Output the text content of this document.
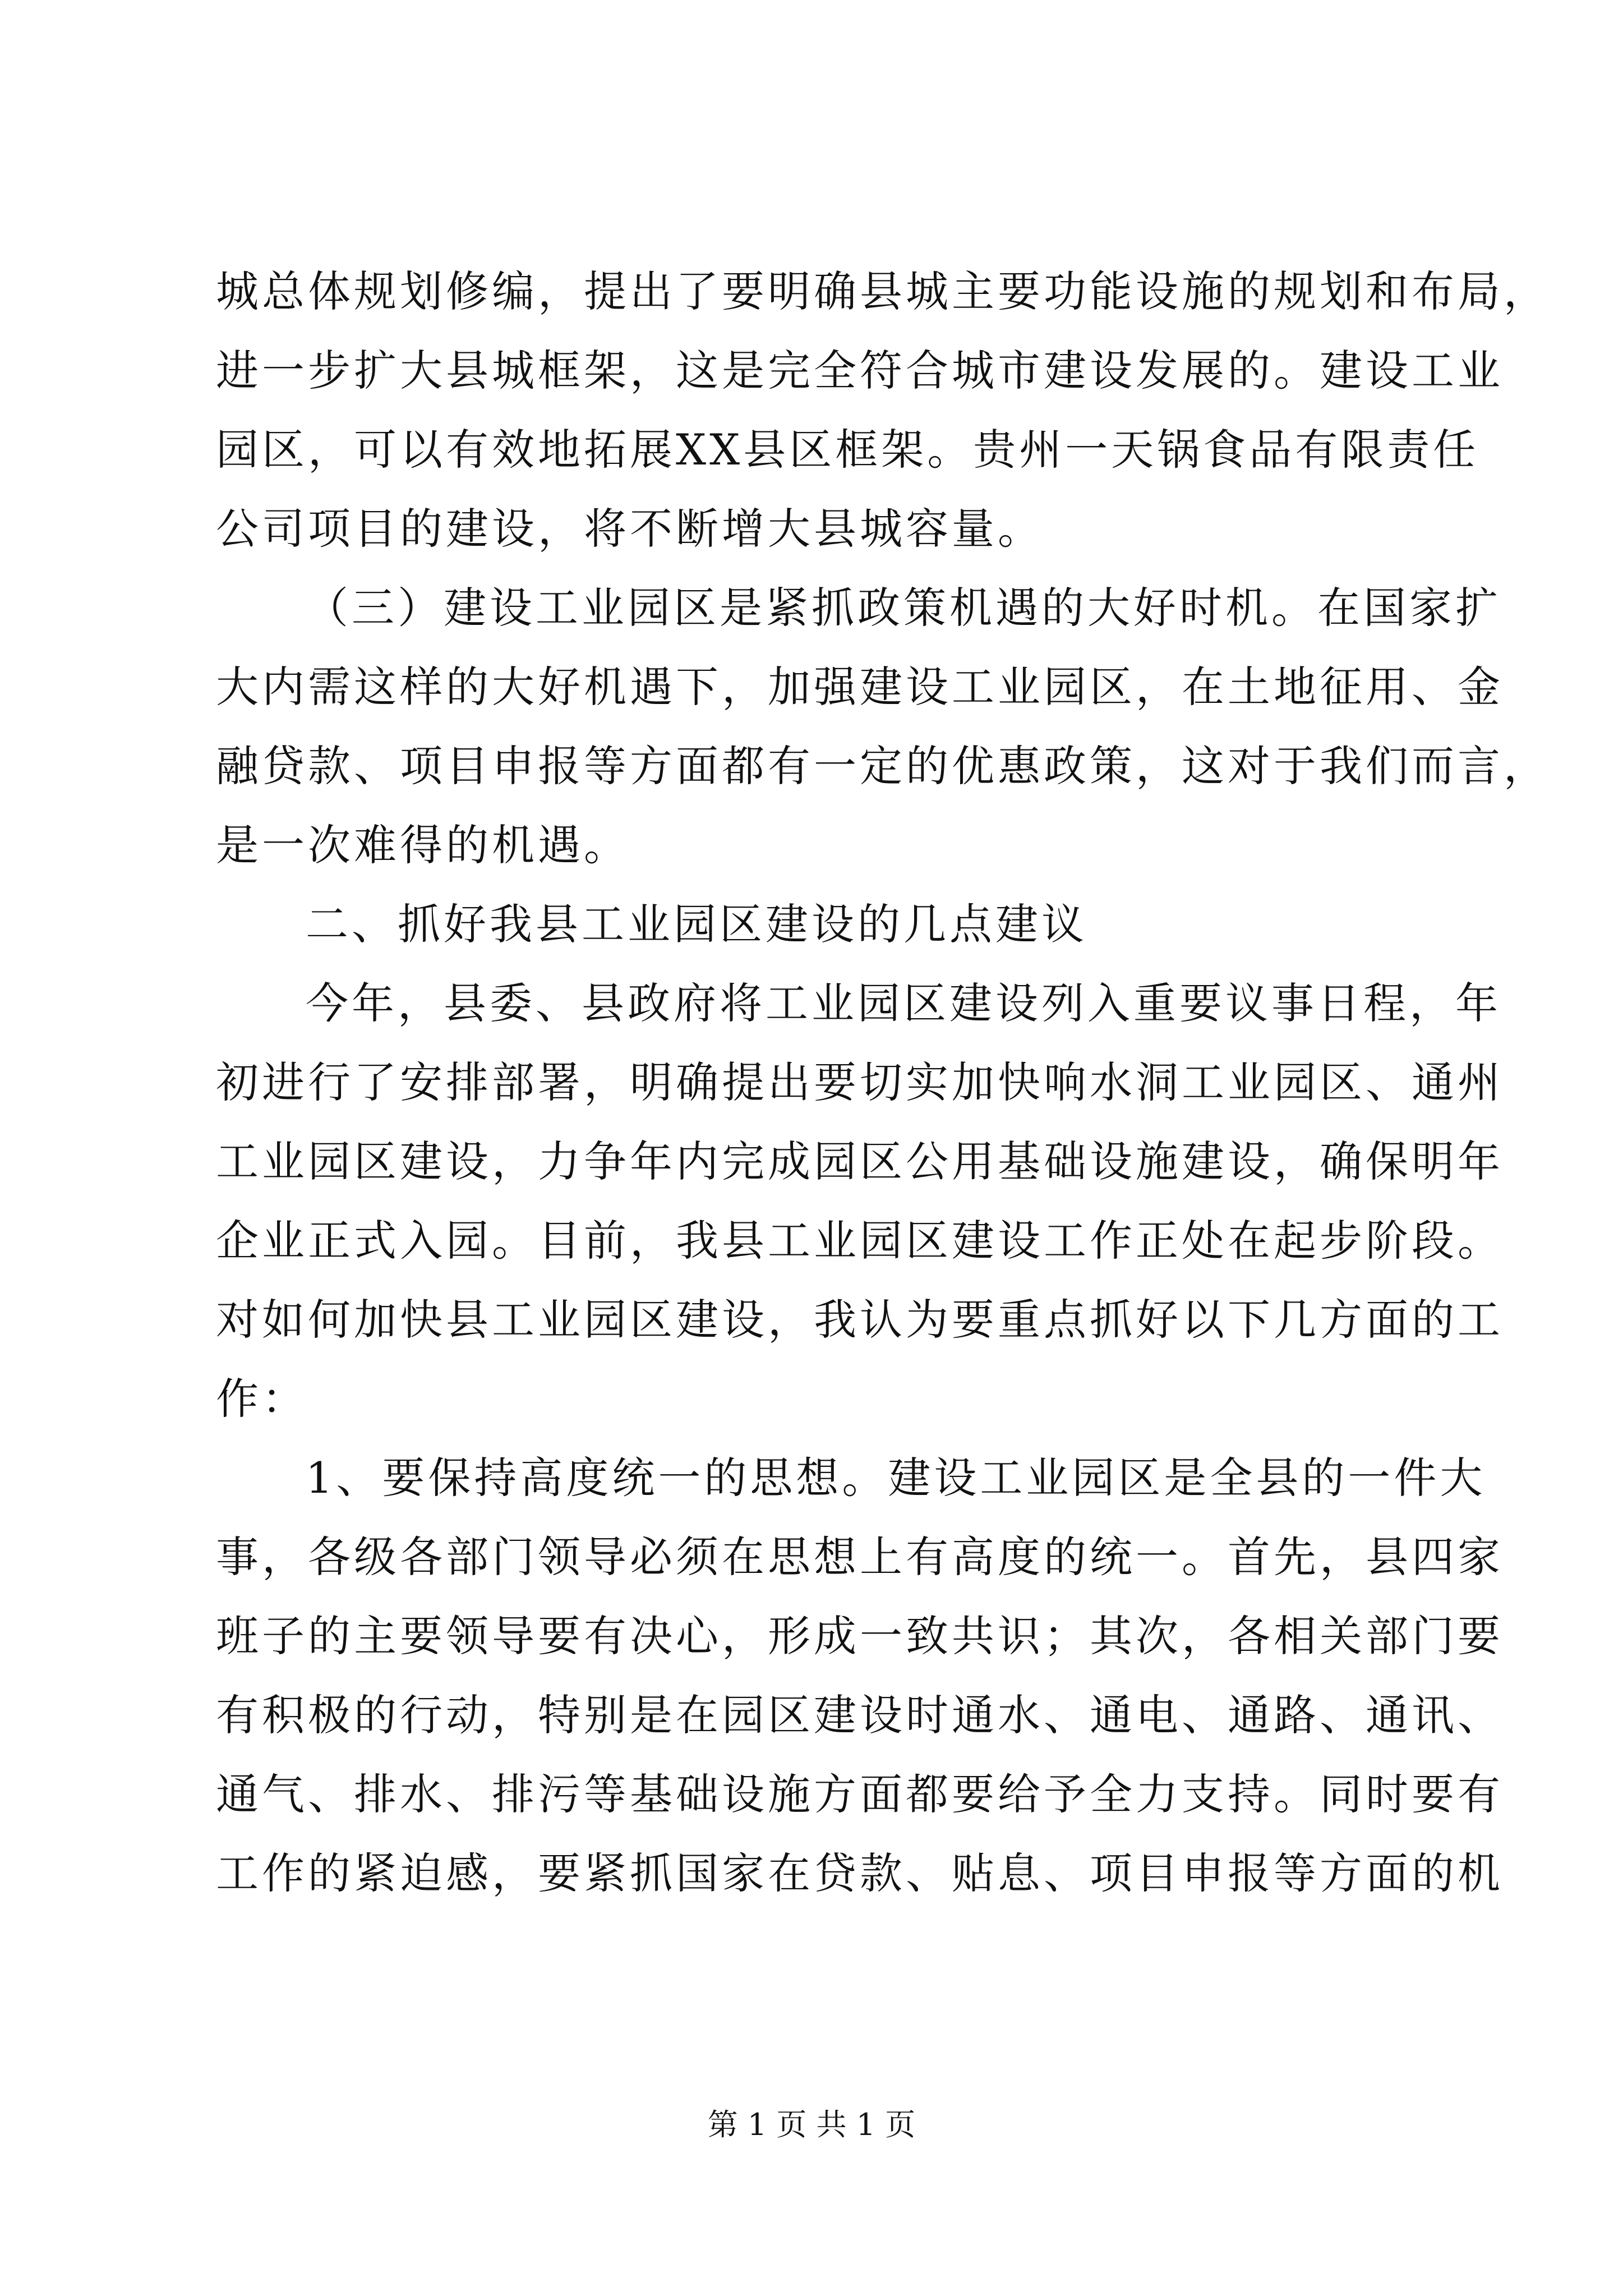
城总体规划修编，提出了要明确县城主要功能设施的规划和布局，
进一步扩大县城框架，这是完全符合城市建设发展的。建设工业
园区，可以有效地拓展XX县区框架。贵州一天锅食品有限责任
公司项目的建设，将不断增大县城容量。
（三）建设工业园区是紧抓政策机遇的大好时机。在国家扩
大内需这样的大好机遇下，加强建设工业园区，在土地征用、金
融贷款、项目申报等方面都有一定的优惠政策，这对于我们而言，
是一次难得的机遇。
二、抓好我县工业园区建设的几点建议
今年，县委、县政府将工业园区建设列入重要议事日程，年
初进行了安排部署，明确提出要切实加快响水洞工业园区、通州
工业园区建设，力争年内完成园区公用基础设施建设，确保明年
企业正式入园。目前，我县工业园区建设工作正处在起步阶段。
对如何加快县工业园区建设，我认为要重点抓好以下几方面的工
作：
1、要保持高度统一的思想。建设工业园区是全县的一件大
事，各级各部门领导必须在思想上有高度的统一。首先，县四家
班子的主要领导要有决心，形成一致共识；其次，各相关部门要
有积极的行动，特别是在园区建设时通水、通电、通路、通讯、
通气、排水、排污等基础设施方面都要给予全力支持。同时要有
工作的紧迫感，要紧抓国家在贷款、贴息、项目申报等方面的机
第 1 页 共 1 页
